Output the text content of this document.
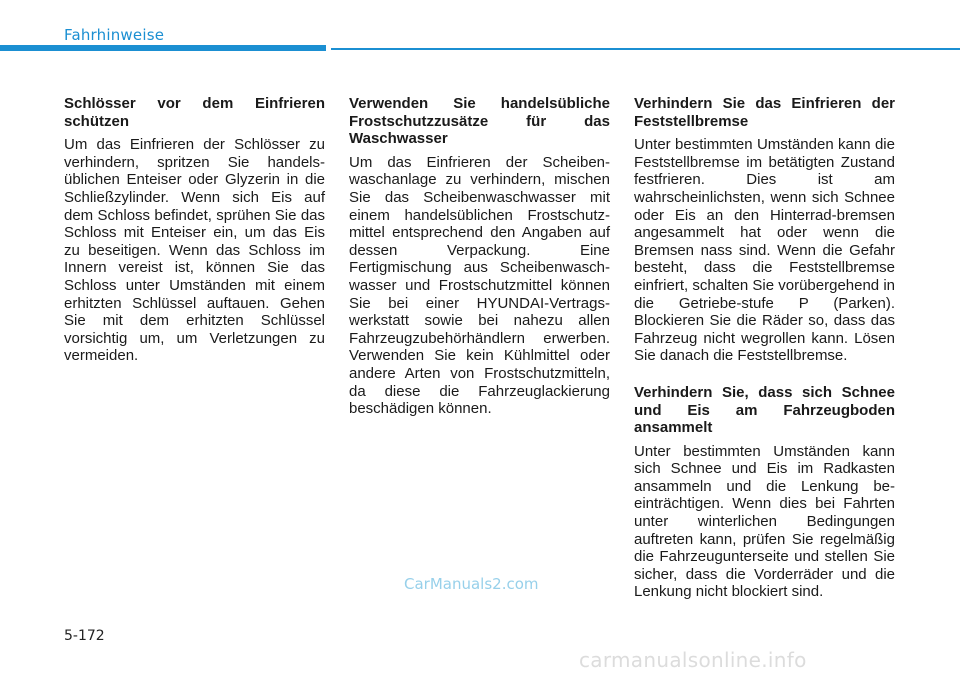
Fahrhinweise
Schlösser vor dem Einfrieren schützen

Um das Einfrieren der Schlösser zu verhindern, spritzen Sie handels-üblichen Enteiser oder Glyzerin in die Schließzylinder. Wenn sich Eis auf dem Schloss befindet, sprühen Sie das Schloss mit Enteiser ein, um das Eis zu beseitigen. Wenn das Schloss im Innern vereist ist, können Sie das Schloss unter Umständen mit einem erhitzten Schlüssel auftauen. Gehen Sie mit dem erhitzten Schlüssel vorsichtig um, um Verletzungen zu vermeiden.

Verwenden Sie handelsübliche Frostschutzzusätze für das Waschwasser

Um das Einfrieren der Scheiben-waschanlage zu verhindern, mischen Sie das Scheibenwaschwasser mit einem handelsüblichen Frostschutz-mittel entsprechend den Angaben auf dessen Verpackung. Eine Fertigmischung aus Scheibenwasch-wasser und Frostschutzmittel können Sie bei einer HYUNDAI-Vertrags-werkstatt sowie bei nahezu allen Fahrzeugzubehörhändlern erwerben. Verwenden Sie kein Kühlmittel oder andere Arten von Frostschutzmitteln, da diese die Fahrzeuglackierung beschädigen können.

Verhindern Sie das Einfrieren der Feststellbremse

Unter bestimmten Umständen kann die Feststellbremse im betätigten Zustand festfrieren. Dies ist am wahrscheinlichsten, wenn sich Schnee oder Eis an den Hinterrad-bremsen angesammelt hat oder wenn die Bremsen nass sind. Wenn die Gefahr besteht, dass die Feststellbremse einfriert, schalten Sie vorübergehend in die Getriebe-stufe P (Parken). Blockieren Sie die Räder so, dass das Fahrzeug nicht wegrollen kann. Lösen Sie danach die Feststellbremse.

Verhindern Sie, dass sich Schnee und Eis am Fahrzeugboden ansammelt

Unter bestimmten Umständen kann sich Schnee und Eis im Radkasten ansammeln und die Lenkung be-einträchtigen. Wenn dies bei Fahrten unter winterlichen Bedingungen auftreten kann, prüfen Sie regelmäßig die Fahrzeugunterseite und stellen Sie sicher, dass die Vorderräder und die Lenkung nicht blockiert sind.

CarManuals2.com
5-172
carmanualsonline.info
